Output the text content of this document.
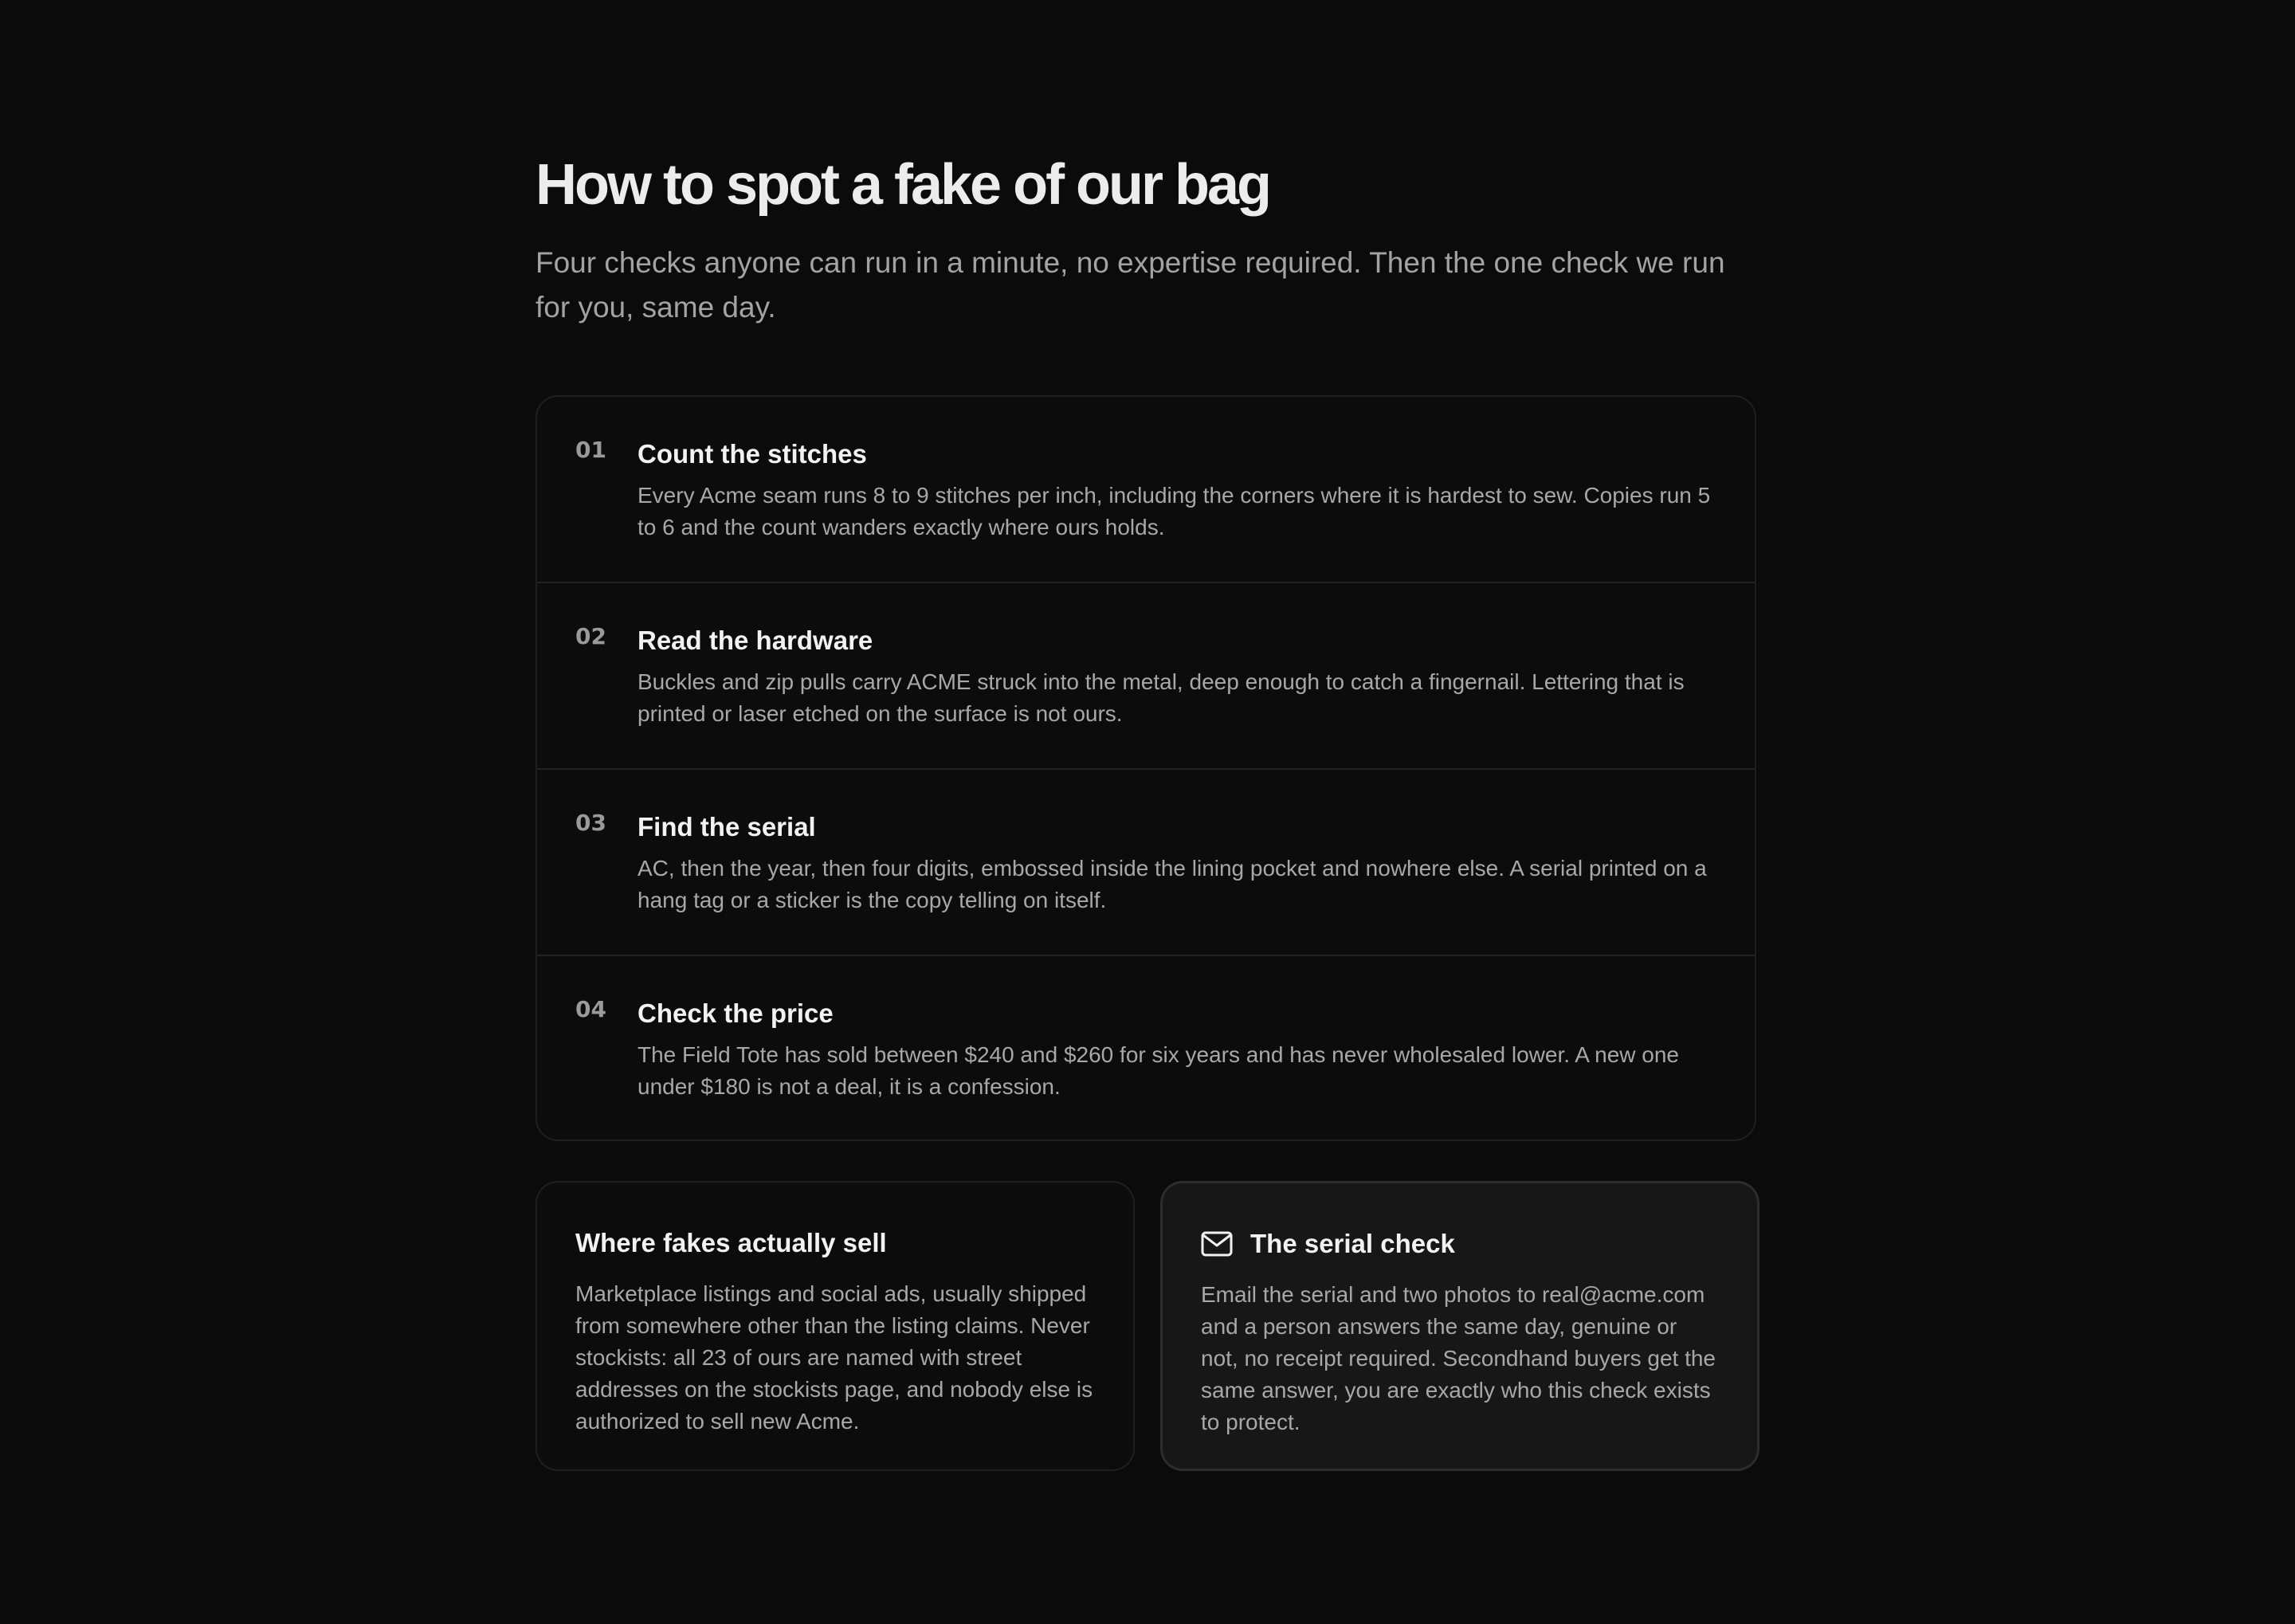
How to spot a fake of our bag

Four checks anyone can run in a minute, no expertise required. Then the one check we run for you, same day.

01 Count the stitches

Every Acme seam runs 8 to 9 stitches per inch, including the corners where it is hardest to sew. Copies run 5 to 6 and the count wanders exactly where ours holds.

02 Read the hardware

Buckles and zip pulls carry ACME struck into the metal, deep enough to catch a fingernail. Lettering that is printed or laser etched on the surface is not ours.

03 Find the serial

AC, then the year, then four digits, embossed inside the lining pocket and nowhere else. A serial printed on a hang tag or a sticker is the copy telling on itself.

04 Check the price

The Field Tote has sold between $240 and $260 for six years and has never wholesaled lower. A new one under $180 is not a deal, it is a confession.

Where fakes actually sell

Marketplace listings and social ads, usually shipped from somewhere other than the listing claims. Never stockists: all 23 of ours are named with street addresses on the stockists page, and nobody else is authorized to sell new Acme.

The serial check

Email the serial and two photos to real@acme.com and a person answers the same day, genuine or not, no receipt required. Secondhand buyers get the same answer, you are exactly who this check exists to protect.
